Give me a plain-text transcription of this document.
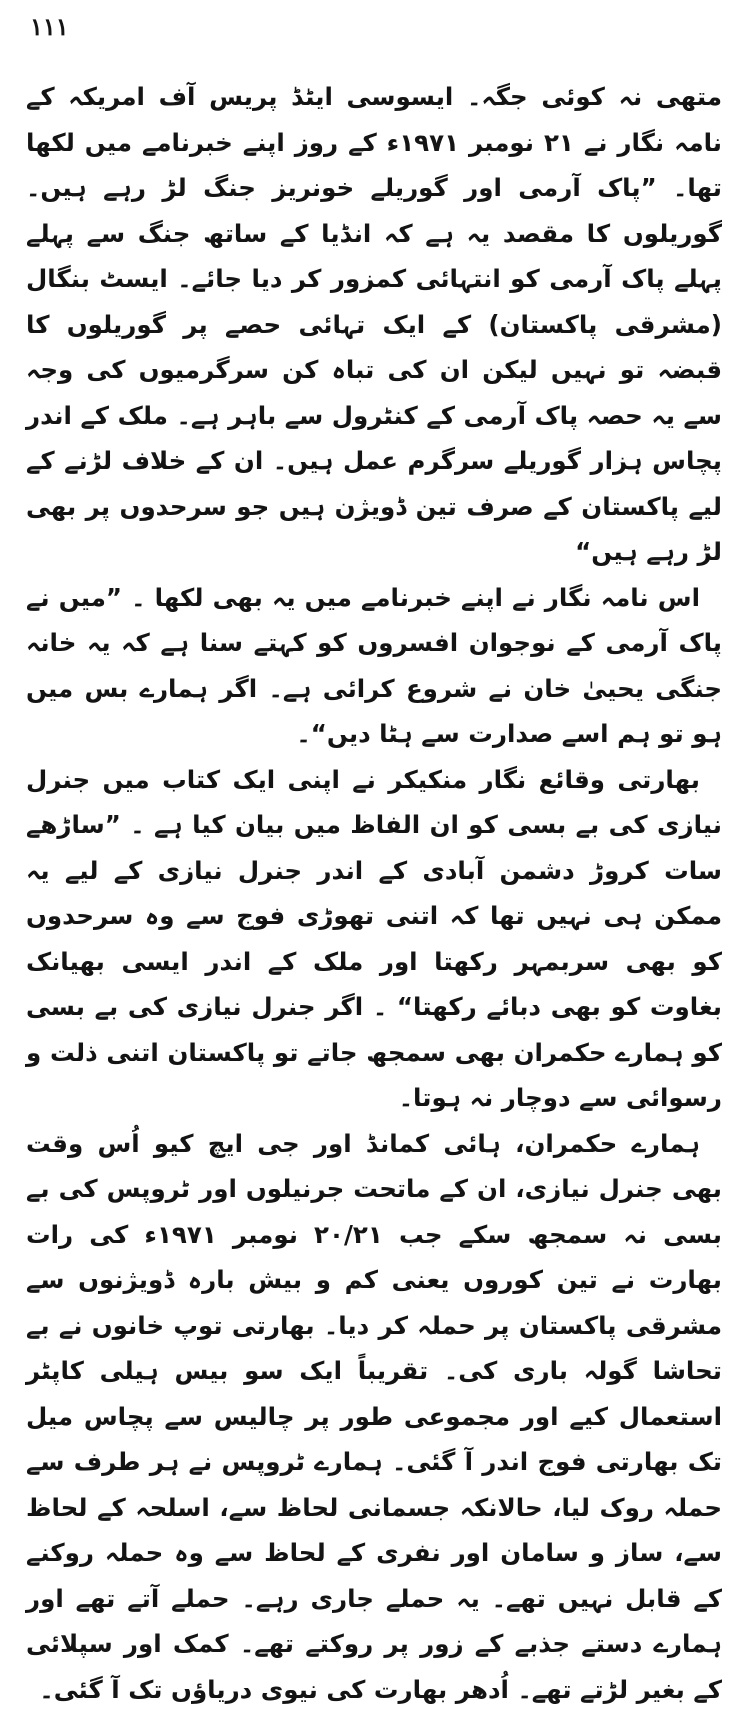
۱۱۱

متھی نہ کوئی جگہ۔ ایسوسی ایٹڈ پریس آف امریکہ کے نامہ نگار نے ۲۱ نومبر ۱۹۷۱ء کے روز اپنے خبرنامے میں لکھا تھا۔ ”پاک آرمی اور گوریلے خونریز جنگ لڑ رہے ہیں۔ گوریلوں کا مقصد یہ ہے کہ انڈیا کے ساتھ جنگ سے پہلے پہلے پاک آرمی کو انتہائی کمزور کر دیا جائے۔ ایسٹ بنگال (مشرقی پاکستان) کے ایک تہائی حصے پر گوریلوں کا قبضہ تو نہیں لیکن ان کی تباہ کن سرگرمیوں کی وجہ سے یہ حصہ پاک آرمی کے کنٹرول سے باہر ہے۔ ملک کے اندر پچاس ہزار گوریلے سرگرم عمل ہیں۔ ان کے خلاف لڑنے کے لیے پاکستان کے صرف تین ڈویژن ہیں جو سرحدوں پر بھی لڑ رہے ہیں“

اس نامہ نگار نے اپنے خبرنامے میں یہ بھی لکھا ۔ ”میں نے پاک آرمی کے نوجوان افسروں کو کہتے سنا ہے کہ یہ خانہ جنگی یحییٰ خان نے شروع کرائی ہے۔ اگر ہمارے بس میں ہو تو ہم اسے صدارت سے ہٹا دیں“۔

بھارتی وقائع نگار منکیکر نے اپنی ایک کتاب میں جنرل نیازی کی بے بسی کو ان الفاظ میں بیان کیا ہے ۔ ”ساڑھے سات کروڑ دشمن آبادی کے اندر جنرل نیازی کے لیے یہ ممکن ہی نہیں تھا کہ اتنی تھوڑی فوج سے وہ سرحدوں کو بھی سربمہر رکھتا اور ملک کے اندر ایسی بھیانک بغاوت کو بھی دبائے رکھتا“ ۔ اگر جنرل نیازی کی بے بسی کو ہمارے حکمران بھی سمجھ جاتے تو پاکستان اتنی ذلت و رسوائی سے دوچار نہ ہوتا۔

ہمارے حکمران، ہائی کمانڈ اور جی ایچ کیو اُس وقت بھی جنرل نیازی، ان کے ماتحت جرنیلوں اور ٹروپس کی بے بسی نہ سمجھ سکے جب ۲۰/۲۱ نومبر ۱۹۷۱ء کی رات بھارت نے تین کوروں یعنی کم و بیش بارہ ڈویژنوں سے مشرقی پاکستان پر حملہ کر دیا۔ بھارتی توپ خانوں نے بے تحاشا گولہ باری کی۔ تقریباً ایک سو بیس ہیلی کاپٹر استعمال کیے اور مجموعی طور پر چالیس سے پچاس میل تک بھارتی فوج اندر آ گئی۔ ہمارے ٹروپس نے ہر طرف سے حملہ روک لیا، حالانکہ جسمانی لحاظ سے، اسلحہ کے لحاظ سے، ساز و سامان اور نفری کے لحاظ سے وہ حملہ روکنے کے قابل نہیں تھے۔ یہ حملے جاری رہے۔ حملے آتے تھے اور ہمارے دستے جذبے کے زور پر روکتے تھے۔ کمک اور سپلائی کے بغیر لڑتے تھے۔ اُدھر بھارت کی نیوی دریاؤں تک آ گئی۔
